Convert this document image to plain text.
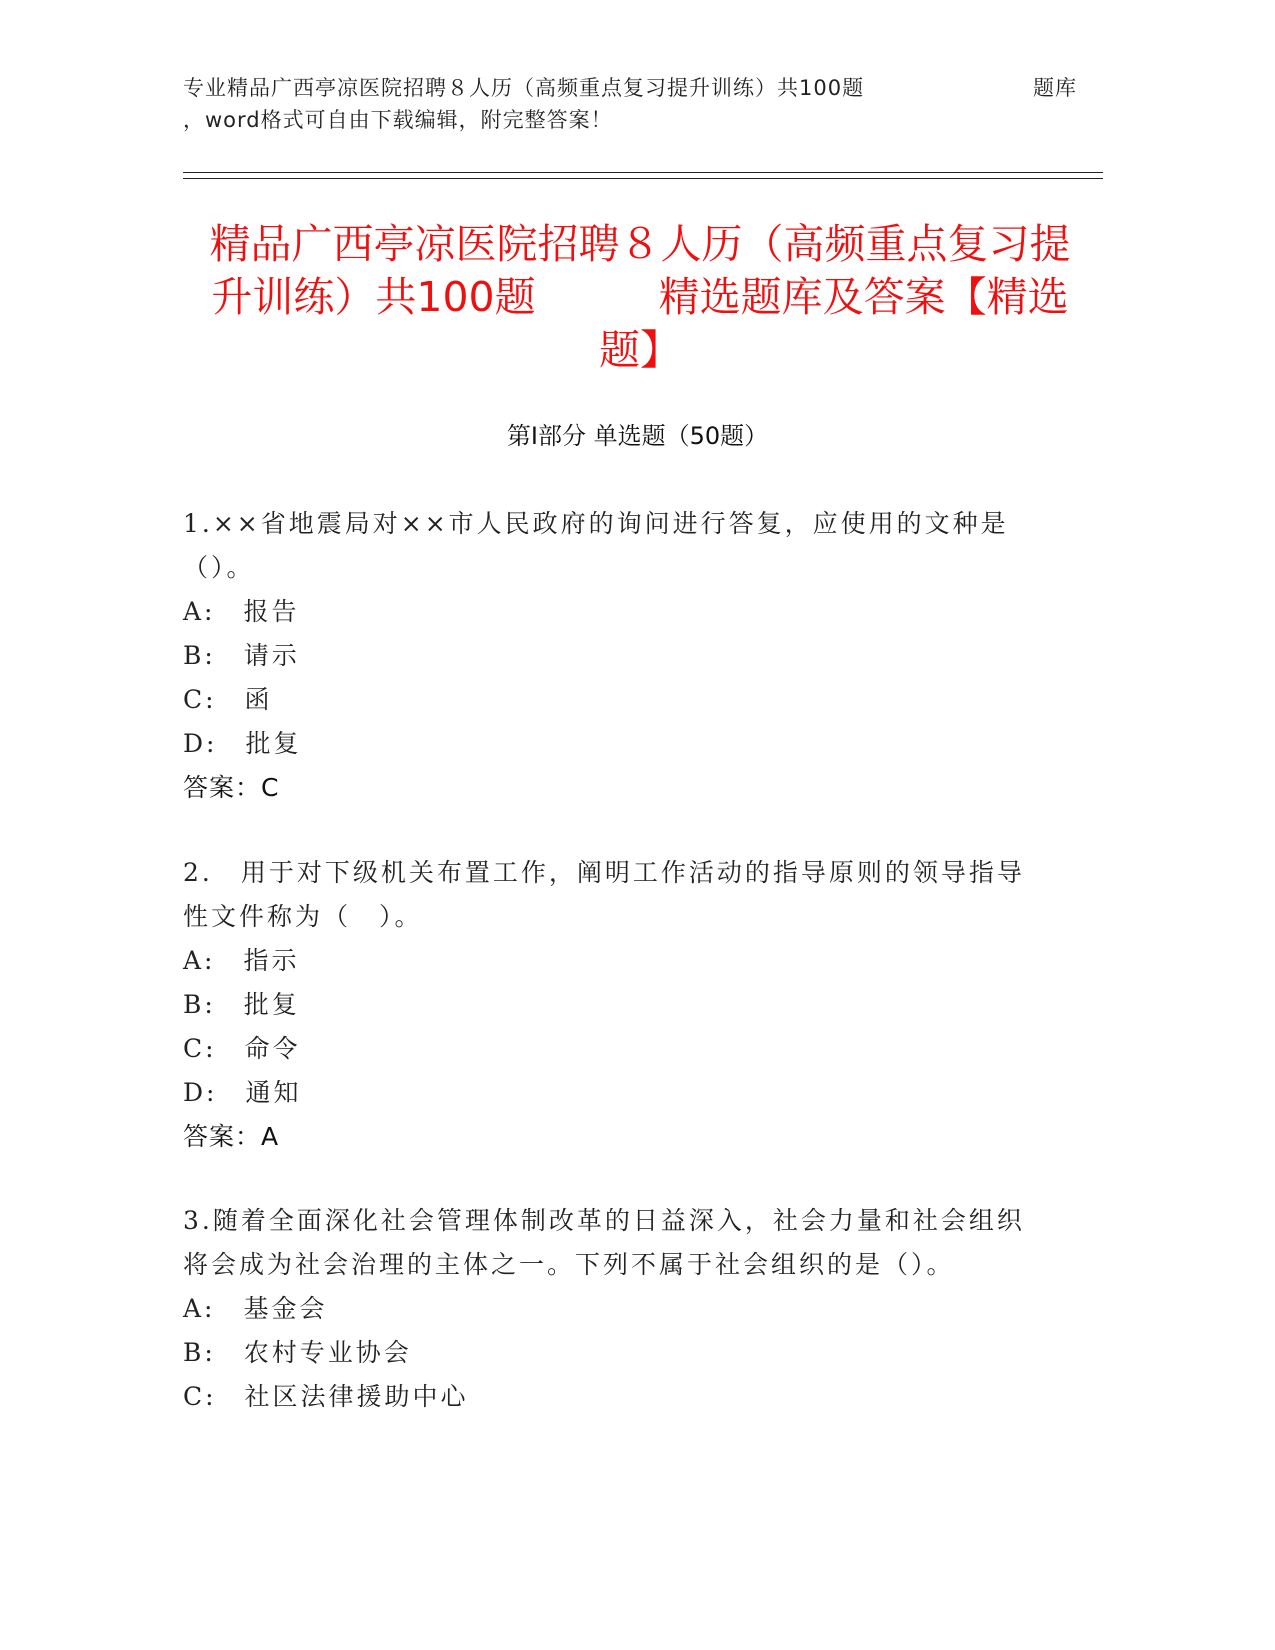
专业精品广西亭凉医院招聘８人历（高频重点复习提升训练）共100题	题库
，word格式可自由下载编辑，附完整答案！
精品广西亭凉医院招聘８人历（高频重点复习提升训练）共100题　　　精选题库及答案【精选题】
第Ⅰ部分 单选题（50题）

1.××省地震局对××市人民政府的询问进行答复，应使用的文种是（）。

A:　报告

B:　请示

C:　函

D:　批复

答案：C

2.　用于对下级机关布置工作，阐明工作活动的指导原则的领导指导性文件称为（　）。

A:　指示

B:　批复

C:　命令

D:　通知

答案：A

3.随着全面深化社会管理体制改革的日益深入，社会力量和社会组织将会成为社会治理的主体之一。下列不属于社会组织的是（）。

A:　基金会

B:　农村专业协会

C:　社区法律援助中心
